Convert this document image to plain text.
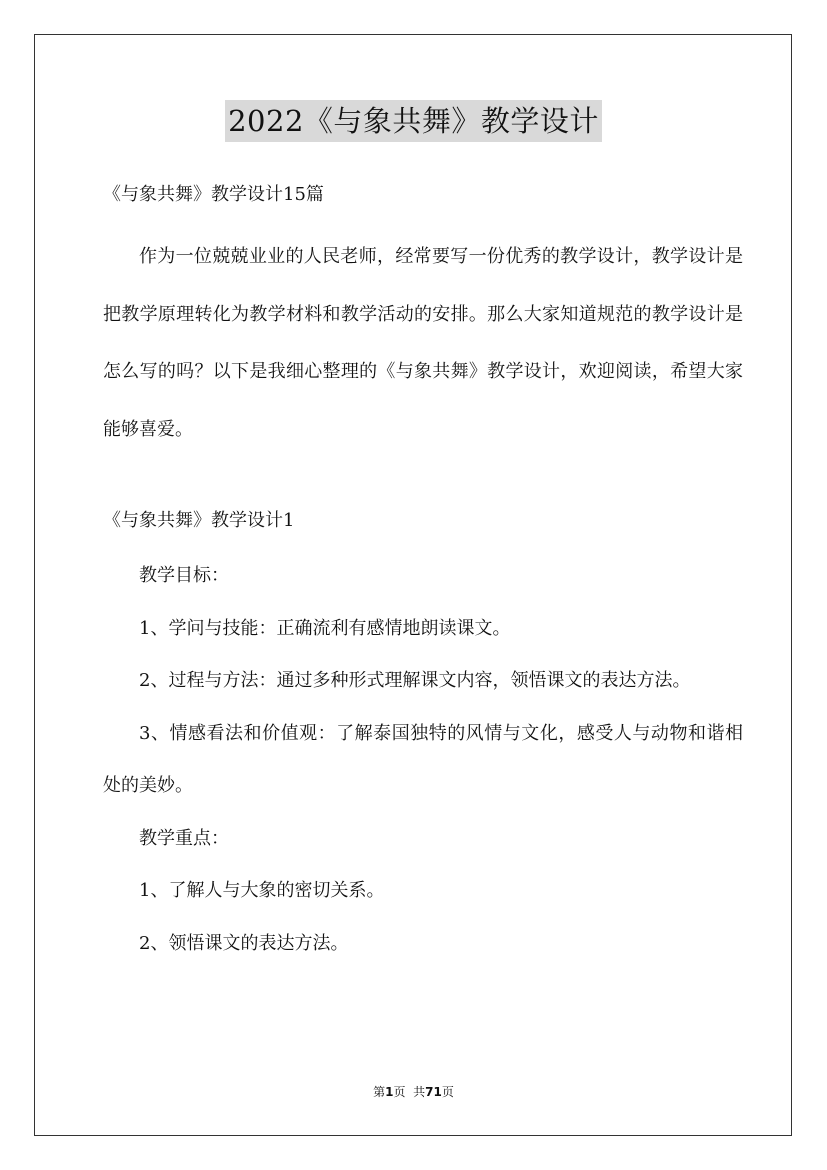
2022《与象共舞》教学设计
《与象共舞》教学设计15篇

作为一位兢兢业业的人民老师，经常要写一份优秀的教学设计，教学设计是把教学原理转化为教学材料和教学活动的安排。那么大家知道规范的教学设计是怎么写的吗？以下是我细心整理的《与象共舞》教学设计，欢迎阅读，希望大家能够喜爱。

《与象共舞》教学设计1

教学目标：

1、学问与技能：正确流利有感情地朗读课文。

2、过程与方法：通过多种形式理解课文内容，领悟课文的表达方法。

3、情感看法和价值观：了解泰国独特的风情与文化，感受人与动物和谐相处的美妙。

教学重点：

1、了解人与大象的密切关系。

2、领悟课文的表达方法。

第1页 共71页
